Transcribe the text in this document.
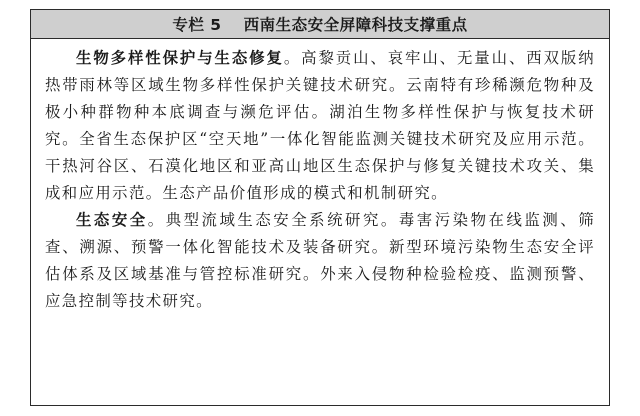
专栏 5 西南生态安全屏障科技支撑重点

生物多样性保护与生态修复。高黎贡山、哀牢山、无量山、西双版纳热带雨林等区域生物多样性保护关键技术研究。云南特有珍稀濒危物种及极小种群物种本底调查与濒危评估。湖泊生物多样性保护与恢复技术研究。全省生态保护区“空天地”一体化智能监测关键技术研究及应用示范。干热河谷区、石漠化地区和亚高山地区生态保护与修复关键技术攻关、集成和应用示范。生态产品价值形成的模式和机制研究。

生态安全。典型流域生态安全系统研究。毒害污染物在线监测、筛查、溯源、预警一体化智能技术及装备研究。新型环境污染物生态安全评估体系及区域基准与管控标准研究。外来入侵物种检验检疫、监测预警、应急控制等技术研究。
